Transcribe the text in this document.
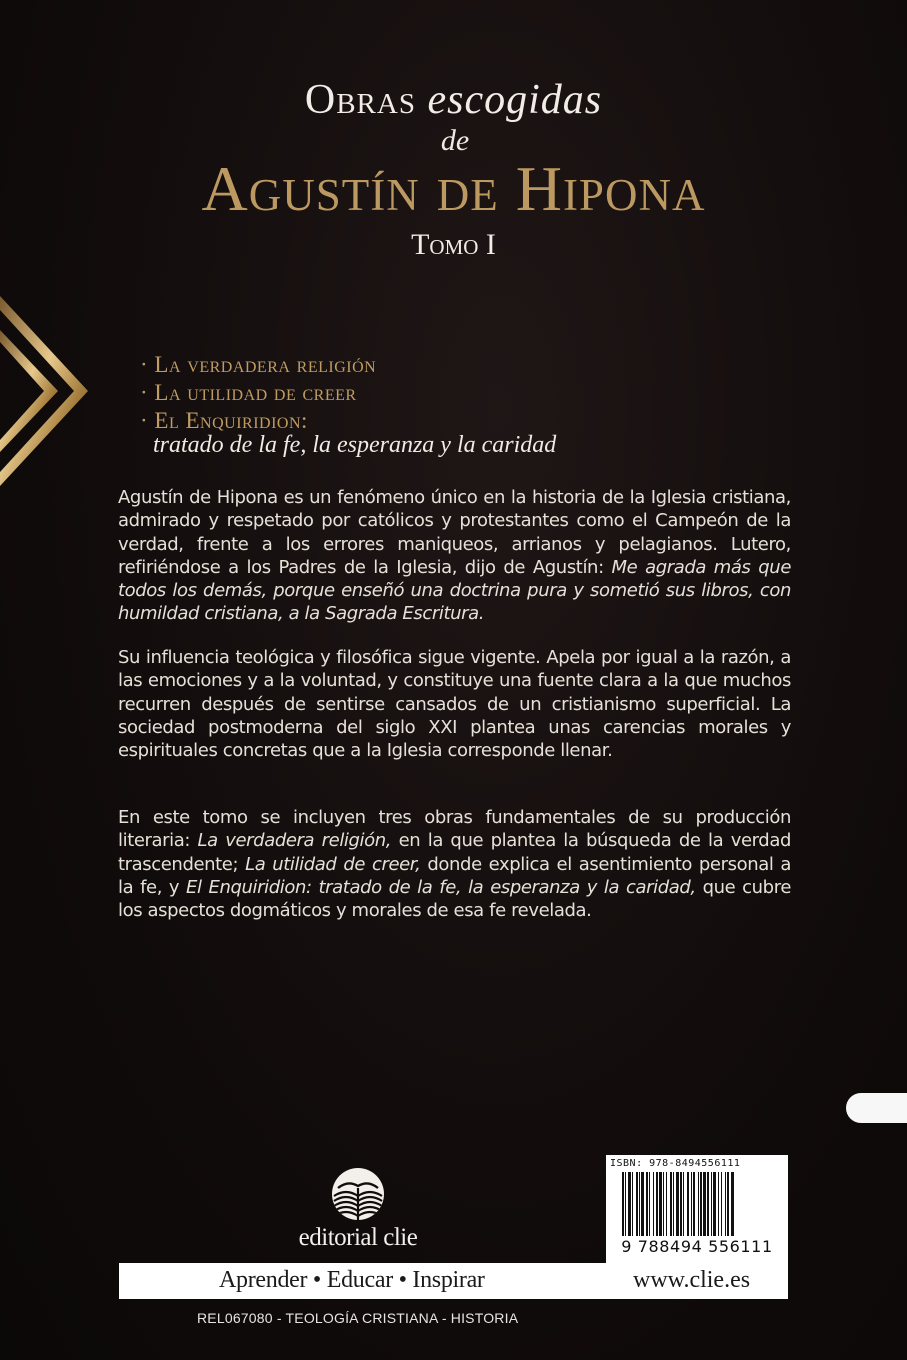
Obras escogidas
de
Agustín de Hipona
Tomo I
· La verdadera religión
· La utilidad de creer
· El Enquiridion:
tratado de la fe, la esperanza y la caridad
Agustín de Hipona es un fenómeno único en la historia de la Iglesia cristiana, admirado y respetado por católicos y protestantes como el Campeón de la verdad, frente a los errores maniqueos, arrianos y pelagianos. Lutero, refiriéndose a los Padres de la Iglesia, dijo de Agustín: Me agrada más que todos los demás, porque enseñó una doctrina pura y sometió sus libros, con humildad cristiana, a la Sagrada Escritura.
Su influencia teológica y filosófica sigue vigente. Apela por igual a la razón, a las emociones y a la voluntad, y constituye una fuente clara a la que muchos recurren después de sentirse cansados de un cristianismo superficial. La sociedad postmoderna del siglo XXI plantea unas carencias morales y espirituales concretas que a la Iglesia corresponde llenar.
En este tomo se incluyen tres obras fundamentales de su producción literaria: La verdadera religión, en la que plantea la búsqueda de la verdad trascendente; La utilidad de creer, donde explica el asentimiento personal a la fe, y El Enquiridion: tratado de la fe, la esperanza y la caridad, que cubre los aspectos dogmáticos y morales de esa fe revelada.
editorial clie
ISBN: 978-8494556111
9 788494 556111
Aprender • Educar • Inspirar	www.clie.es
REL067080 - TEOLOGÍA CRISTIANA - HISTORIA
